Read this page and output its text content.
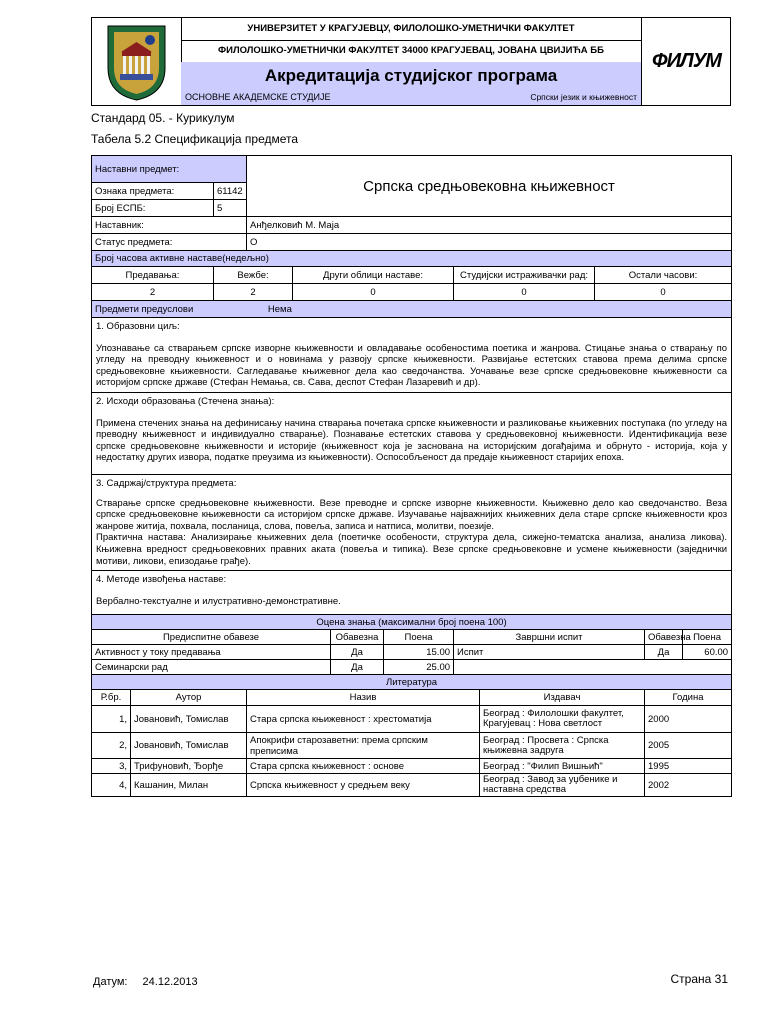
УНИВЕРЗИТЕТ У КРАГУЈЕВЦУ, ФИЛОЛОШКО-УМЕТНИЧКИ ФАКУЛТЕТ
ФИЛОЛОШКО-УМЕТНИЧКИ ФАКУЛТЕТ 34000 КРАГУЈЕВАЦ, ЈОВАНА ЦВИЈИЋА ББ
Акредитација студијског програма
ОСНОВНЕ АКАДЕМСКЕ СТУДИЈЕ	Српски језик и књижевност
ФИЛУМ
Стандард 05. - Курикулум
Табела 5.2 Спецификација предмета
Наставни предмет:			Српска средњовековна књижевност								
Ознака предмета:		61142									
Број ЕСПБ:		5									
Наставник:			Анђелковић М. Маја								
Статус предмета:			О								
Број часова активне наставе(недељно)											
Предавања:		Вежбе:		Други облици наставе:			Студијски истраживачки рад:		Остали часови:		
2		2		0			0		0		
Предмети предуслови Нема											

1. Образовни циљ:
Упознавање са стварањем српске изворне књижевности и овладавање особеностима поетика и жанрова. Стицање знања о стварању по угледу на преводну књижевност и о новинама у развоју српске књижевности. Развијање естетских ставова према делима српске средњовековне књижевности. Сагледавање књижевног дела као сведочанства. Уочавање везе српске средњовековне књижевности са историјом српске државе (Стефан Немања, св. Сава, деспот Стефан Лазаревић и др).											

2. Исходи образовања (Стечена знања):
Примена стечених знања на дефинисању начина стварања почетака српске књижевности и разликовање књижевних поступака (по угледу на преводну књижевност и индивидуално стварање). Познавање естетских ставова у средњовековној књижевности. Идентификација везе српске средњовековне књижевности и историје (књижевност која је заснована на историјским догађајима и обрнуто - историја, која у недостатку других извора, податке преузима из књижевности). Оспособљеност да предаје књижевност старијих епоха.											

3. Садржај/структура предмета:
Стварање српске средњовековне књижевности. Везе преводне и српске изворне књижевности. Књижевно дело као сведочанство. Веза српске средњовековне књижевности са историјом српске државе. Изучавање најважнијих књижевних дела старе српске књижевности кроз жанрове житија, похвала, посланица, слова, повеља, записа и натписа, молитви, поезије.
Практична настава: Анализирање књижевних дела (поетичке особености, структура дела, сижејно-тематска анализа, анализа ликова). Књижевна вредност средњовековних правних аката (повеља и типика). Везе српске средњовековне и усмене књижевности (заједнички мотиви, ликови, епизодање грађе).											

4. Методе извођења наставе:
Вербално-текстуалне и илустративно-демонстративне.											

Оцена знања (максимални број поена 100)											
Предиспитне обавезе					Обавезна	Поена	Завршни испит			Обавезна	Поена
Активност у току предавања					Да	15.00	Испит			Да	60.00
Семинарски рад					Да	25.00					
Литература											
Р.бр.	Аутор		Назив					Издавач		Година	
1,	Јовановић, Томислав		Стара српска књижевност : хрестоматија					Београд : Филолошки факултет, Крагујевац : Нова светлост		2000	
2,	Јовановић, Томислав		Апокрифи старозаветни: према српским преписима					Београд : Просвета : Српска књижевна задруга		2005	
3,	Трифуновић, Ђорђе		Стара српска књижевност : основе					Београд : "Филип Вишњић"		1995	
4,	Кашанин, Милан		Српска књижевност у средњем веку					Београд : Завод за уџбенике и наставна средства		2002	
Датум: 24.12.2013	Страна 31
